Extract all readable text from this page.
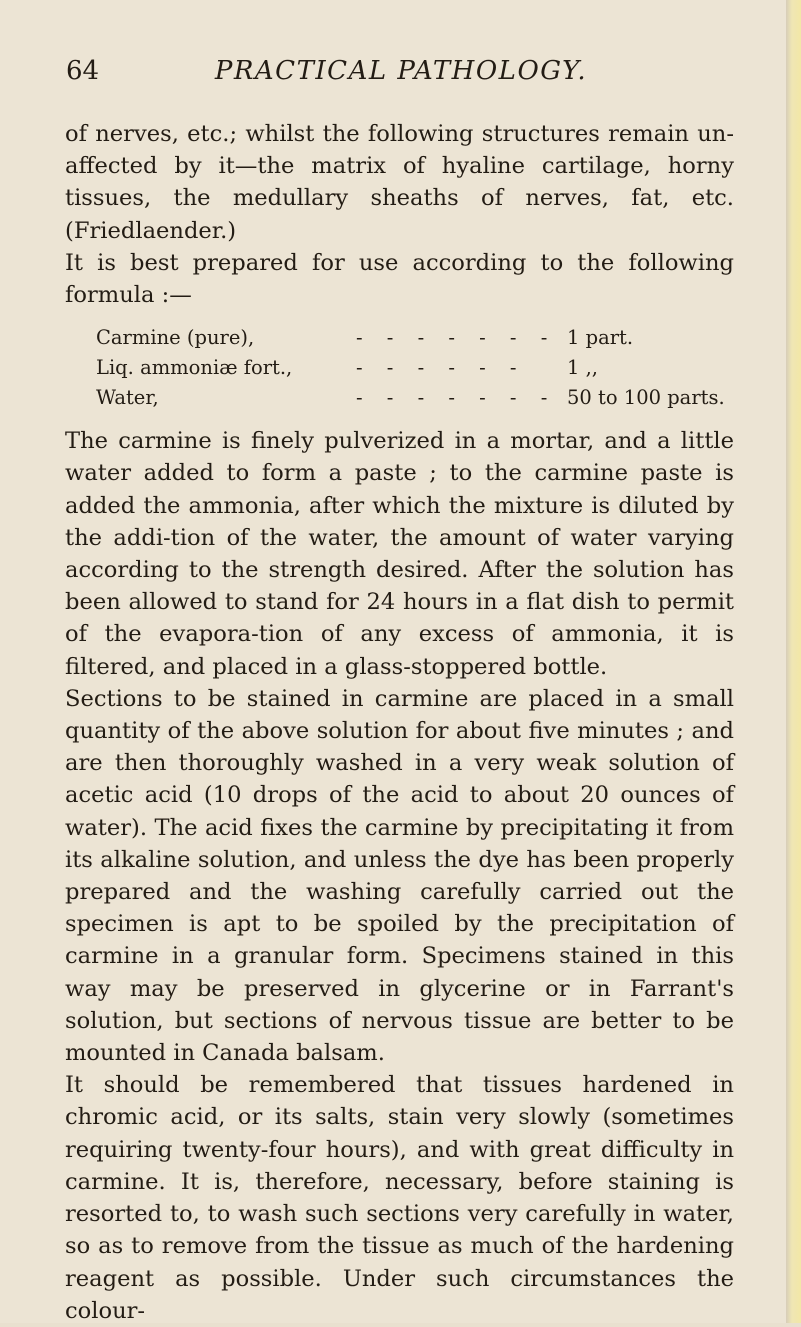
64	PRACTICAL PATHOLOGY.

of nerves, etc.; whilst the following structures remain un-affected by it—the matrix of hyaline cartilage, horny tissues, the medullary sheaths of nerves, fat, etc. (Friedlaender.)

It is best prepared for use according to the following formula :—

Carmine (pure),	- - - - - - - 1 part.
Liq. ammoniæ fort.,	- - - - - -	1 ,,
Water,	- - - - - - - 50 to 100 parts.

The carmine is finely pulverized in a mortar, and a little water added to form a paste ; to the carmine paste is added the ammonia, after which the mixture is diluted by the addi-tion of the water, the amount of water varying according to the strength desired. After the solution has been allowed to stand for 24 hours in a flat dish to permit of the evapora-tion of any excess of ammonia, it is filtered, and placed in a glass-stoppered bottle.

Sections to be stained in carmine are placed in a small quantity of the above solution for about five minutes ; and are then thoroughly washed in a very weak solution of acetic acid (10 drops of the acid to about 20 ounces of water). The acid fixes the carmine by precipitating it from its alkaline solution, and unless the dye has been properly prepared and the washing carefully carried out the specimen is apt to be spoiled by the precipitation of carmine in a granular form. Specimens stained in this way may be preserved in glycerine or in Farrant's solution, but sections of nervous tissue are better to be mounted in Canada balsam.

It should be remembered that tissues hardened in chromic acid, or its salts, stain very slowly (sometimes requiring twenty-four hours), and with great difficulty in carmine. It is, therefore, necessary, before staining is resorted to, to wash such sections very carefully in water, so as to remove from the tissue as much of the hardening reagent as possible. Under such circumstances the colour-
